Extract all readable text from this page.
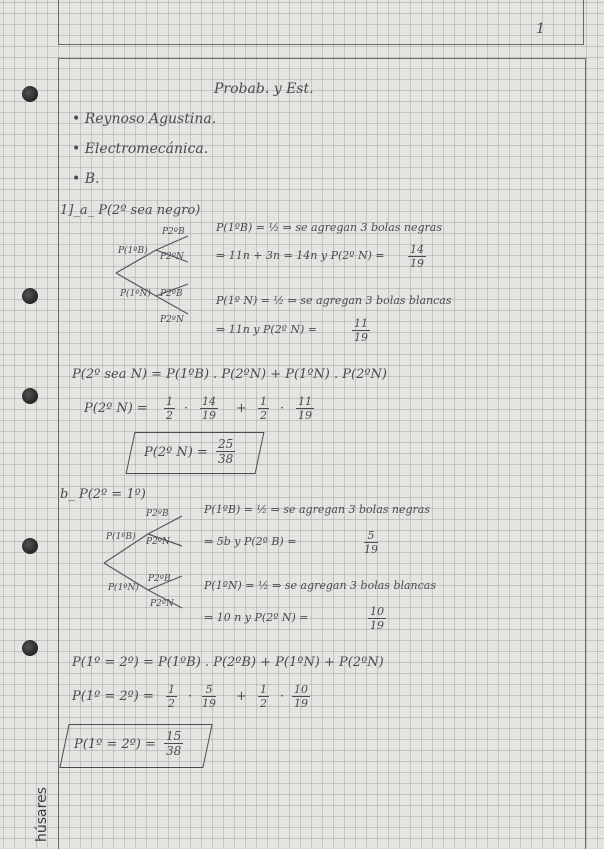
1
Probab. y Est.
• Reynoso Agustina.
• Electromecánica.
• B.
1]_a_ P(2º sea negro)
P(1ºB)
P2ºB
P2ºN
P(1ºN) P2ºB
P2ºN
P(1ºB) = ½ ⇒ se agregan 3 bolas negras
⇒ 11n + 3n = 14n y P(2º $N) = \frac{14}{19}$
P(1º N) = ½ ⇒ se agregan 3 bolas blancas
⇒ 11n y P(2º N) =	$\frac{11}{19}$
P(2º sea N) = P(1ºB) . P(2ºN) + P(1ºN) . P(2ºN)
P(2º $N) = \frac{1}{2} \cdot \frac{14}{19} + \frac{1}{2} \cdot \frac{11}{19}$
P(2º $N) = \frac{25}{38}$
b_ P(2º = 1º)
P(1ºB)
P2ºB
P2ºN
P(1ºN)
P2ºB
P2ºN
P(1ºB) = ½ ⇒ se agregan 3 bolas negras
⇒ 5b y P(2º B) =	$\frac{5}{19}$
P(1ºN) = ½ ⇒ se agregan 3 bolas blancas
⇒ 10 n y P(2º N) =	$\frac{10}{19}$
P(1º = 2º) = P(1ºB) . P(2ºB) + P(1ºN) + P(2ºN)
P(1º = 2º) = $\frac{1}{2} \cdot \frac{5}{19} + \frac{1}{2} \cdot \frac{10}{19}$
P(1º = 2º) = $\frac{15}{38}$
húsares
